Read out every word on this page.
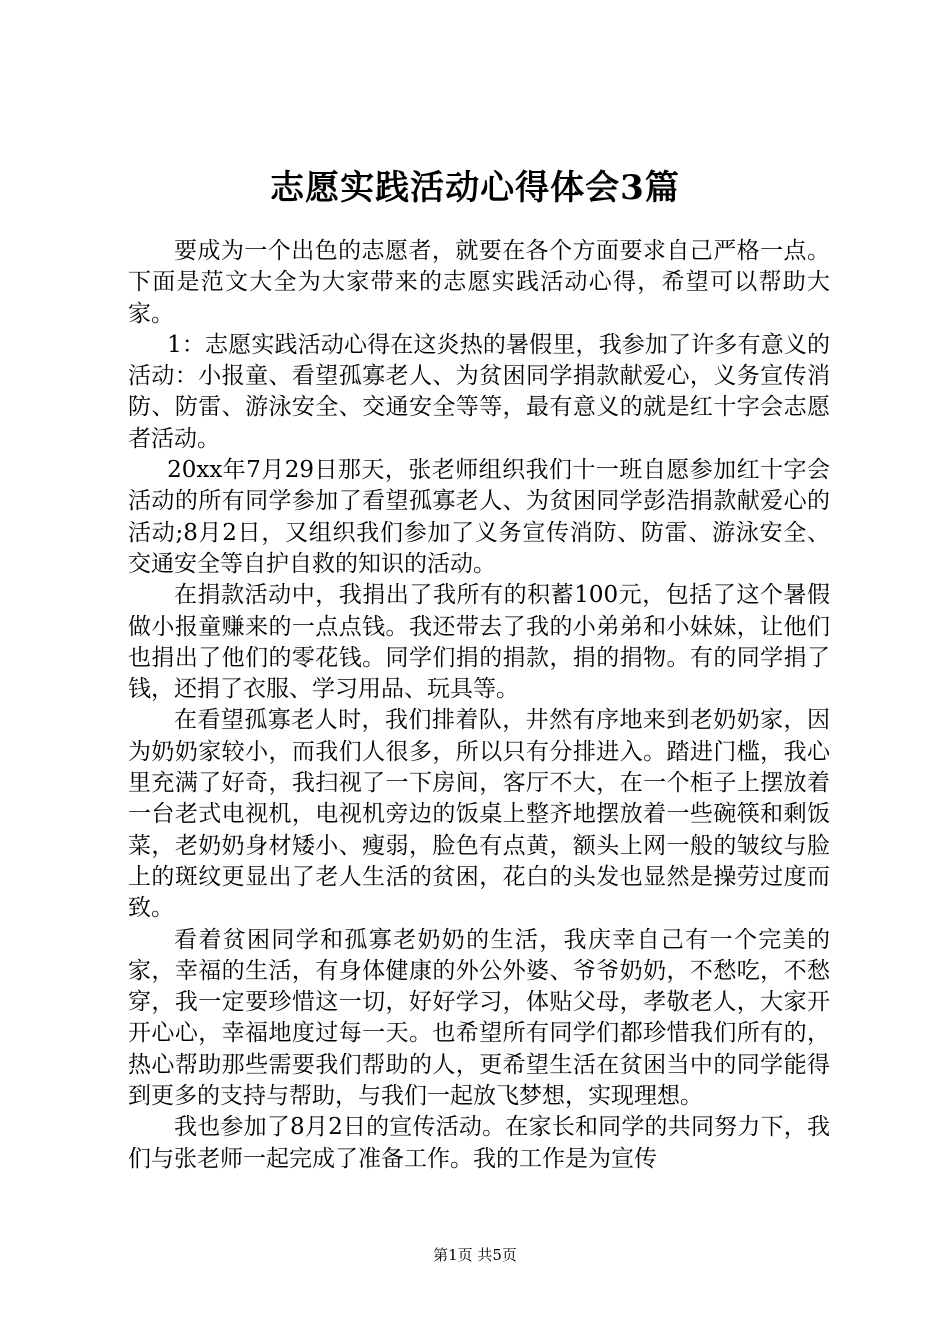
志愿实践活动心得体会3篇

要成为一个出色的志愿者，就要在各个方面要求自己严格一点。下面是范文大全为大家带来的志愿实践活动心得，希望可以帮助大家。

1：志愿实践活动心得在这炎热的暑假里，我参加了许多有意义的活动：小报童、看望孤寡老人、为贫困同学捐款献爱心，义务宣传消防、防雷、游泳安全、交通安全等等，最有意义的就是红十字会志愿者活动。

20xx年7月29日那天，张老师组织我们十一班自愿参加红十字会活动的所有同学参加了看望孤寡老人、为贫困同学彭浩捐款献爱心的活动;8月2日，又组织我们参加了义务宣传消防、防雷、游泳安全、交通安全等自护自救的知识的活动。

在捐款活动中，我捐出了我所有的积蓄100元，包括了这个暑假做小报童赚来的一点点钱。我还带去了我的小弟弟和小妹妹，让他们也捐出了他们的零花钱。同学们捐的捐款，捐的捐物。有的同学捐了钱，还捐了衣服、学习用品、玩具等。

在看望孤寡老人时，我们排着队，井然有序地来到老奶奶家，因为奶奶家较小，而我们人很多，所以只有分排进入。踏进门槛，我心里充满了好奇，我扫视了一下房间，客厅不大，在一个柜子上摆放着一台老式电视机，电视机旁边的饭桌上整齐地摆放着一些碗筷和剩饭菜，老奶奶身材矮小、瘦弱，脸色有点黄，额头上网一般的皱纹与脸上的斑纹更显出了老人生活的贫困，花白的头发也显然是操劳过度而致。

看着贫困同学和孤寡老奶奶的生活，我庆幸自己有一个完美的家，幸福的生活，有身体健康的外公外婆、爷爷奶奶，不愁吃，不愁穿，我一定要珍惜这一切，好好学习，体贴父母，孝敬老人，大家开开心心，幸福地度过每一天。也希望所有同学们都珍惜我们所有的，热心帮助那些需要我们帮助的人，更希望生活在贫困当中的同学能得到更多的支持与帮助，与我们一起放飞梦想，实现理想。

我也参加了8月2日的宣传活动。在家长和同学的共同努力下，我们与张老师一起完成了准备工作。我的工作是为宣传

第1页 共5页
